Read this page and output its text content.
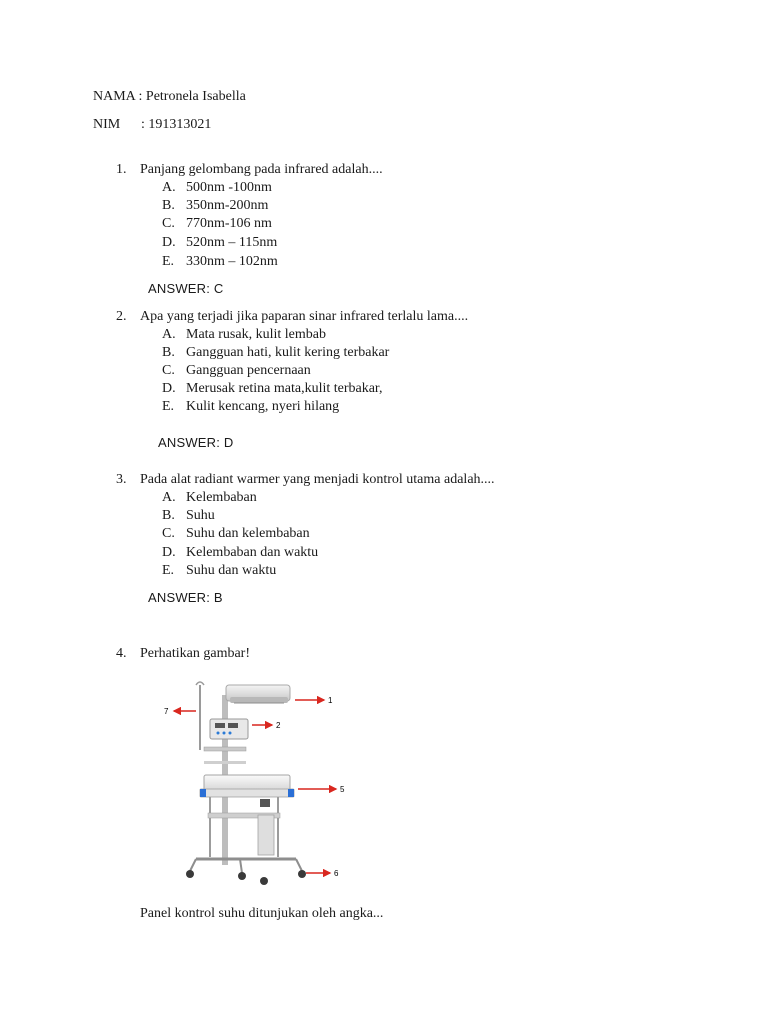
NAMA : Petronela Isabella
NIM : 191313021
1. Panjang gelombang pada infrared adalah....
A. 500nm -100nm
B. 350nm-200nm
C. 770nm-106 nm
D. 520nm – 115nm
E. 330nm – 102nm
ANSWER: C
2. Apa yang terjadi jika paparan sinar infrared terlalu lama....
A. Mata rusak, kulit lembab
B. Gangguan hati, kulit kering terbakar
C. Gangguan pencernaan
D. Merusak retina mata,kulit terbakar,
E. Kulit kencang, nyeri hilang
ANSWER: D
3. Pada alat radiant warmer yang menjadi kontrol utama adalah....
A. Kelembaban
B. Suhu
C. Suhu dan kelembaban
D. Kelembaban dan waktu
E. Suhu dan waktu
ANSWER: B
4. Perhatikan gambar!
1
2
5
6
7
Panel kontrol suhu ditunjukan oleh angka...
